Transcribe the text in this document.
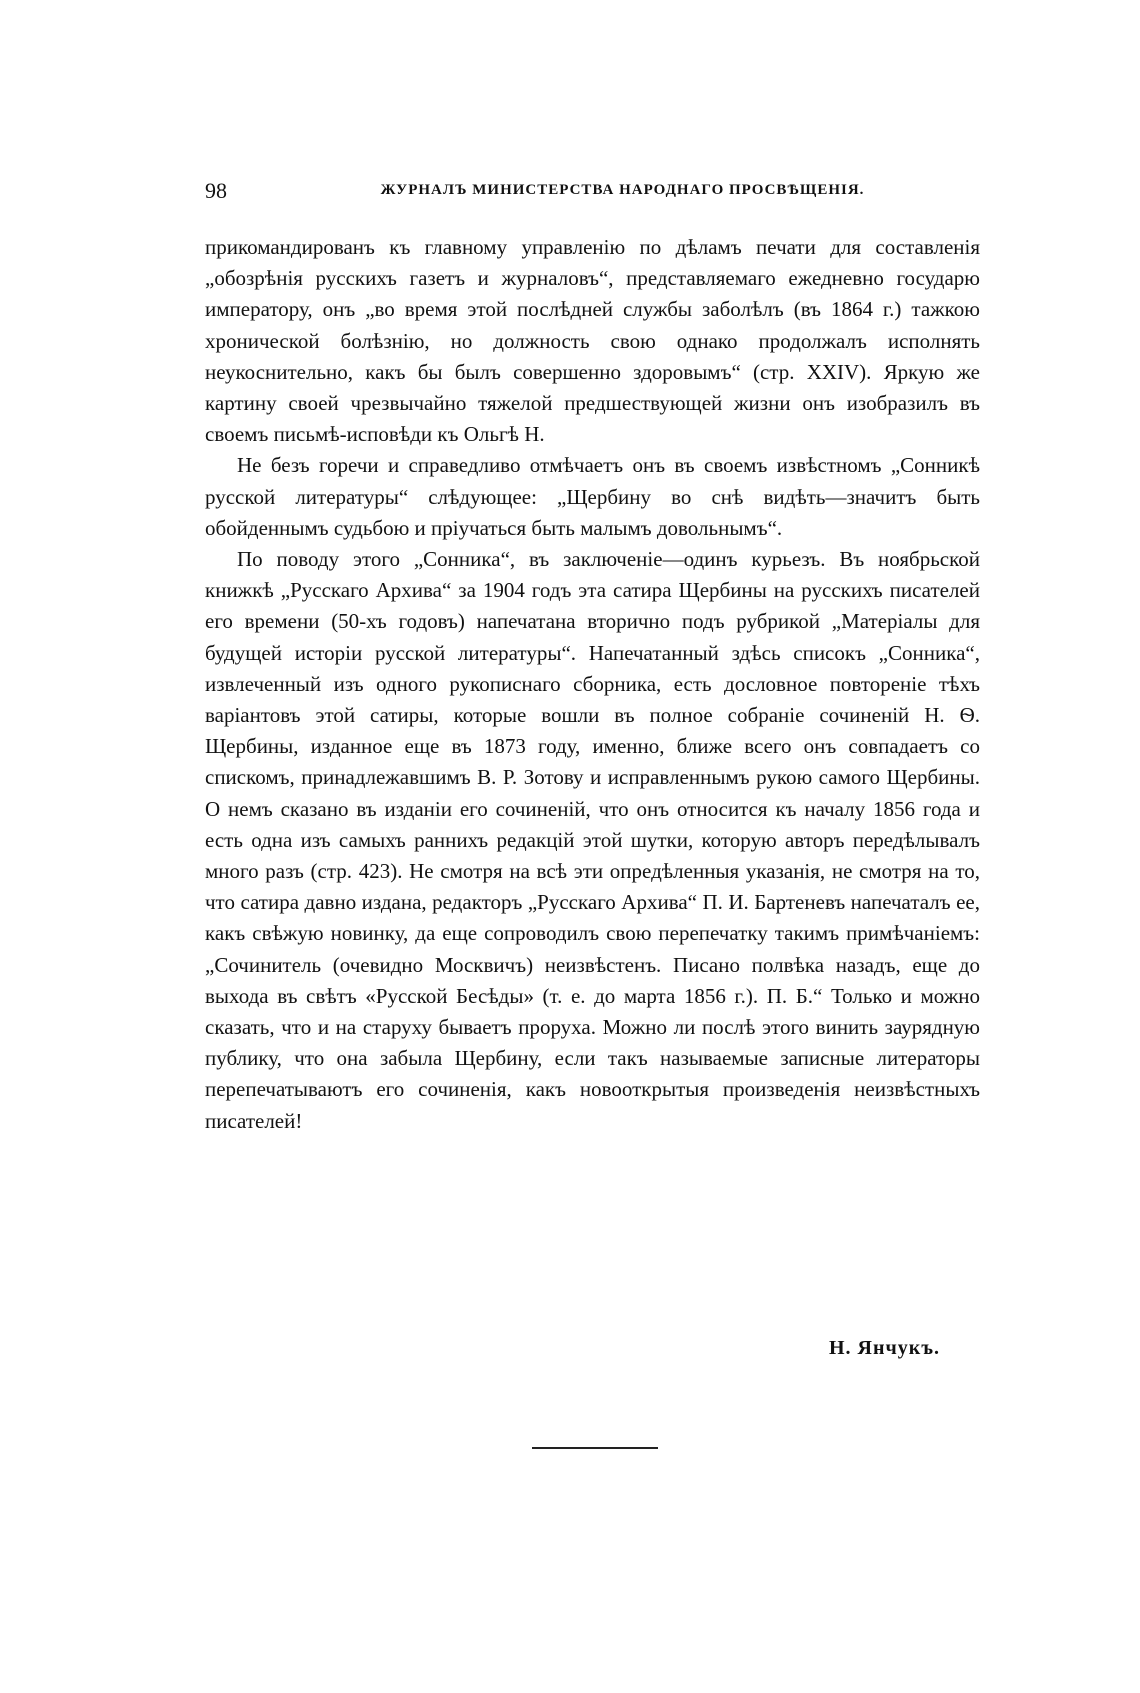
98	ЖУРНАЛЪ МИНИСТЕРСТВА НАРОДНАГО ПРОСВѢЩЕНІЯ.

прикомандированъ къ главному управленію по дѣламъ печати для составленія „обозрѣнія русскихъ газетъ и журналовъ“, представляемаго ежедневно государю императору, онъ „во время этой послѣдней службы заболѣлъ (въ 1864 г.) тажкою хронической болѣзнію, но должность свою однако продолжалъ исполнять неукоснительно, какъ бы былъ совершенно здоровымъ“ (стр. XXIV). Яркую же картину своей чрезвычайно тяжелой предшествующей жизни онъ изобразилъ въ своемъ письмѣ-исповѣди къ Ольгѣ Н.

Не безъ горечи и справедливо отмѣчаетъ онъ въ своемъ извѣстномъ „Сонникѣ русской литературы“ слѣдующее: „Щербину во снѣ видѣть—значитъ быть обойденнымъ судьбою и пріучаться быть малымъ довольнымъ“.

По поводу этого „Сонника“, въ заключеніе—одинъ курьезъ. Въ ноябрьской книжкѣ „Русскаго Архива“ за 1904 годъ эта сатира Щербины на русскихъ писателей его времени (50-хъ годовъ) напечатана вторично подъ рубрикой „Матеріалы для будущей исторіи русской литературы“. Напечатанный здѣсь списокъ „Сонника“, извлеченный изъ одного рукописнаго сборника, есть дословное повтореніе тѣхъ варіантовъ этой сатиры, которые вошли въ полное собраніе сочиненій Н. Ѳ. Щербины, изданное еще въ 1873 году, именно, ближе всего онъ совпадаетъ со спискомъ, принадлежавшимъ В. Р. Зотову и исправленнымъ рукою самого Щербины. О немъ сказано въ изданіи его сочиненій, что онъ относится къ началу 1856 года и есть одна изъ самыхъ раннихъ редакцій этой шутки, которую авторъ передѣлывалъ много разъ (стр. 423). Не смотря на всѣ эти опредѣленныя указанія, не смотря на то, что сатира давно издана, редакторъ „Русскаго Архива“ П. И. Бартеневъ напечаталъ ее, какъ свѣжую новинку, да еще сопроводилъ свою перепечатку такимъ примѣчаніемъ: „Сочинитель (очевидно Москвичъ) неизвѣстенъ. Писано полвѣка назадъ, еще до выхода въ свѣтъ «Русской Бесѣды» (т. е. до марта 1856 г.). П. Б.“ Только и можно сказать, что и на старуху бываетъ проруха. Можно ли послѣ этого винить заурядную публику, что она забыла Щербину, если такъ называемые записные литераторы перепечатываютъ его сочиненія, какъ новооткрытыя произведенія неизвѣстныхъ писателей!

Н. Янчукъ.
